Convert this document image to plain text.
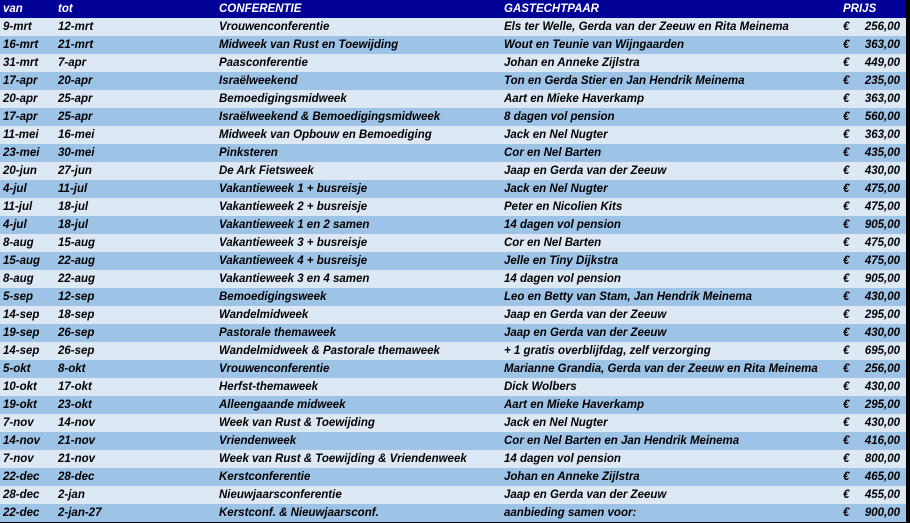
van	tot	CONFERENTIE	GASTECHTPAAR	PRIJS
9-mrt	12-mrt	Vrouwenconferentie	Els ter Welle, Gerda van der Zeeuw en Rita Meinema	€ 256,00
16-mrt	21-mrt	Midweek van Rust en Toewijding	Wout en Teunie van Wijngaarden	€ 363,00
31-mrt	7-apr	Paasconferentie	Johan en Anneke Zijlstra	€ 449,00
17-apr	20-apr	Israëlweekend	Ton en Gerda Stier en Jan Hendrik Meinema	€ 235,00
20-apr	25-apr	Bemoedigingsmidweek	Aart en Mieke Haverkamp	€ 363,00
17-apr	25-apr	Israëlweekend & Bemoedigingsmidweek	8 dagen vol pension	€ 560,00
11-mei	16-mei	Midweek van Opbouw en Bemoediging	Jack en Nel Nugter	€ 363,00
23-mei	30-mei	Pinksteren	Cor en Nel Barten	€ 435,00
20-jun	27-jun	De Ark Fietsweek	Jaap en Gerda van der Zeeuw	€ 430,00
4-jul	11-jul	Vakantieweek 1 + busreisje	Jack en Nel Nugter	€ 475,00
11-jul	18-jul	Vakantieweek 2 + busreisje	Peter en Nicolien Kits	€ 475,00
4-jul	18-jul	Vakantieweek 1 en 2 samen	14 dagen vol pension	€ 905,00
8-aug	15-aug	Vakantieweek 3 + busreisje	Cor en Nel Barten	€ 475,00
15-aug	22-aug	Vakantieweek 4 + busreisje	Jelle en Tiny Dijkstra	€ 475,00
8-aug	22-aug	Vakantieweek 3 en 4 samen	14 dagen vol pension	€ 905,00
5-sep	12-sep	Bemoedigingsweek	Leo en Betty van Stam, Jan Hendrik Meinema	€ 430,00
14-sep	18-sep	Wandelmidweek	Jaap en Gerda van der Zeeuw	€ 295,00
19-sep	26-sep	Pastorale themaweek	Jaap en Gerda van der Zeeuw	€ 430,00
14-sep	26-sep	Wandelmidweek & Pastorale themaweek	+ 1 gratis overblijfdag, zelf verzorging	€ 695,00
5-okt	8-okt	Vrouwenconferentie	Marianne Grandia, Gerda van der Zeeuw en Rita Meinema	€ 256,00
10-okt	17-okt	Herfst-themaweek	Dick Wolbers	€ 430,00
19-okt	23-okt	Alleengaande midweek	Aart en Mieke Haverkamp	€ 295,00
7-nov	14-nov	Week van Rust & Toewijding	Jack en Nel Nugter	€ 430,00
14-nov	21-nov	Vriendenweek	Cor en Nel Barten en Jan Hendrik Meinema	€ 416,00
7-nov	21-nov	Week van Rust & Toewijding & Vriendenweek	14 dagen vol pension	€ 800,00
22-dec	28-dec	Kerstconferentie	Johan en Anneke Zijlstra	€ 465,00
28-dec	2-jan	Nieuwjaarsconferentie	Jaap en Gerda van der Zeeuw	€ 455,00
22-dec	2-jan-27	Kerstconf. & Nieuwjaarsconf.	aanbieding samen voor:	€ 900,00
